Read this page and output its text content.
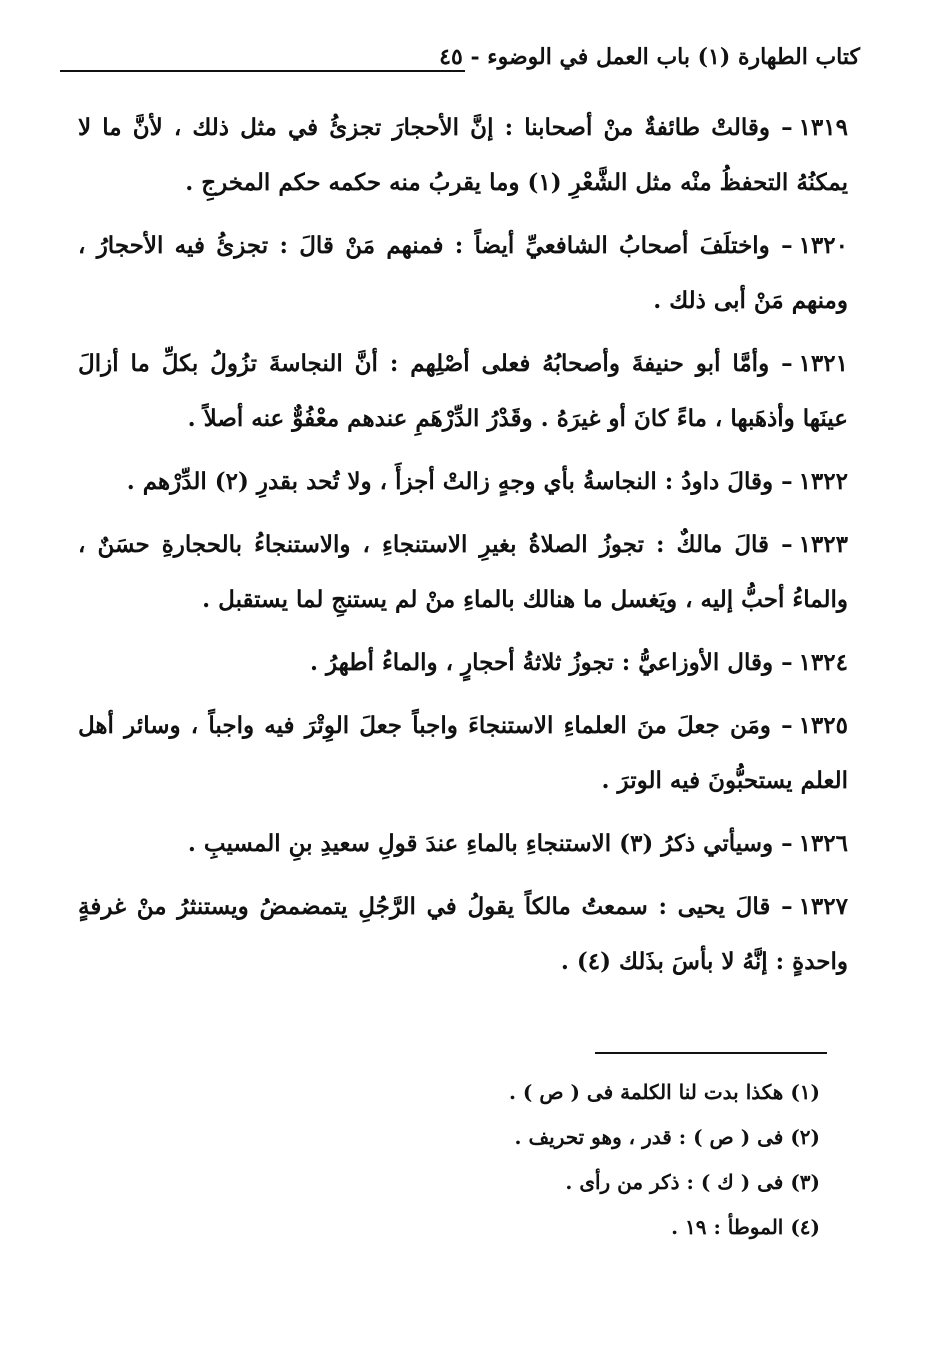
كتاب الطهارة (١) باب العمل في الوضوء - ٤٥

١٣١٩– وقالتْ طائفةٌ منْ أصحابنا : إنَّ الأحجارَ تجزئُ في مثل ذلك ، لأنَّ ما لا يمكنُهُ التحفظُ منْه مثل الشَّعْرِ (١) وما يقربُ منه حكمه حكم المخرجِ .

١٣٢٠– واختلَفَ أصحابُ الشافعيِّ أيضاً : فمنهم مَنْ قالَ : تجزئُ فيه الأحجارُ ، ومنهم مَنْ أبى ذلك .

١٣٢١– وأمَّا أبو حنيفةَ وأصحابُهُ فعلى أصْلِهم : أنَّ النجاسةَ تزُولُ بكلِّ ما أزالَ عينَها وأذهَبها ، ماءً كانَ أو غيرَهُ . وقَدْرُ الدِّرْهَمِ عندهم معْفُوٌّ عنه أصلاً .

١٣٢٢– وقالَ داودُ : النجاسةُ بأي وجهٍ زالتْ أجزأَ ، ولا تُحد بقدرِ (٢) الدِّرْهم .

١٣٢٣– قالَ مالكٌ : تجوزُ الصلاةُ بغيرِ الاستنجاءِ ، والاستنجاءُ بالحجارةِ حسَنٌ ، والماءُ أحبُّ إليه ، ويَغسل ما هنالك بالماءِ منْ لم يستنجِ لما يستقبل .

١٣٢٤– وقال الأوزاعيُّ : تجوزُ ثلاثةُ أحجارٍ ، والماءُ أطهرُ .

١٣٢٥– ومَن جعلَ منَ العلماءِ الاستنجاءَ واجباً جعلَ الوِتْرَ فيه واجباً ، وسائر أهل العلم يستحبُّونَ فيه الوترَ .

١٣٢٦– وسيأتي ذكرُ (٣) الاستنجاءِ بالماءِ عندَ قولِ سعيدِ بنِ المسيبِ .

١٣٢٧– قالَ يحيى : سمعتُ مالكاً يقولُ في الرَّجُلِ يتمضمضُ ويستنثرُ منْ غرفةٍ واحدةٍ : إنَّهُ لا بأسَ بذَلك (٤) .

(١) هكذا بدت لنا الكلمة فى ( ص ) .

(٢) فى ( ص ) : قدر ، وهو تحريف .

(٣) فى ( ك ) : ذكر من رأى .

(٤) الموطأ : ١٩ .
